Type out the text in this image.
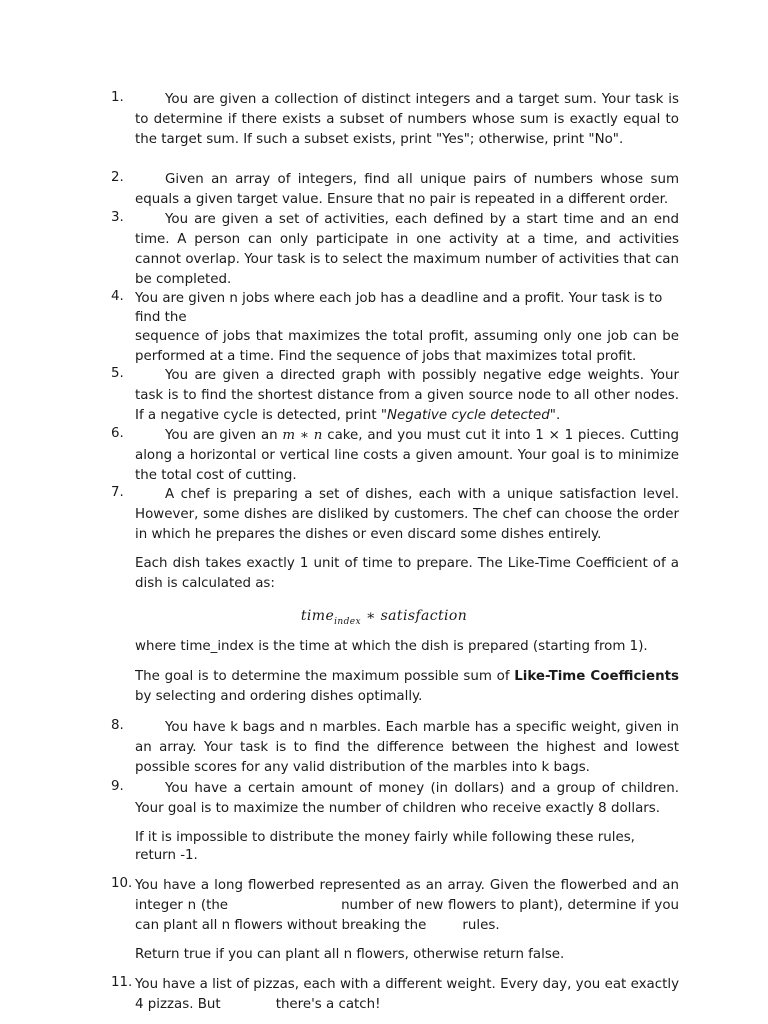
1.	You are given a collection of distinct integers and a target sum. Your task is to determine if there exists a subset of numbers whose sum is exactly equal to the target sum. If such a subset exists, print "Yes"; otherwise, print "No".
2.	Given an array of integers, find all unique pairs of numbers whose sum equals a given target value. Ensure that no pair is repeated in a different order.
3.	You are given a set of activities, each defined by a start time and an end time. A person can only participate in one activity at a time, and activities cannot overlap. Your task is to select the maximum number of activities that can be completed.
4. You are given n jobs where each job has a deadline and a profit. Your task is to find the
sequence of jobs that maximizes the total profit, assuming only one job can be performed at a time. Find the sequence of jobs that maximizes total profit.
5.	You are given a directed graph with possibly negative edge weights. Your task is to find the shortest distance from a given source node to all other nodes. If a negative cycle is detected, print "Negative cycle detected".
6.	You are given an m ∗ n cake, and you must cut it into 1 × 1 pieces. Cutting along a horizontal or vertical line costs a given amount. Your goal is to minimize the total cost of cutting.
7.	A chef is preparing a set of dishes, each with a unique satisfaction level. However, some dishes are disliked by customers. The chef can choose the order in which he prepares the dishes or even discard some dishes entirely.
Each dish takes exactly 1 unit of time to prepare. The Like-Time Coefficient of a dish is calculated as:
time$_{index}$ ∗ satisfaction
where time_index is the time at which the dish is prepared (starting from 1).
The goal is to determine the maximum possible sum of Like-Time Coefficients by selecting and ordering dishes optimally.
8.	You have k bags and n marbles. Each marble has a specific weight, given in an array. Your task is to find the difference between the highest and lowest possible scores for any valid distribution of the marbles into k bags.
9.	You have a certain amount of money (in dollars) and a group of children. Your goal is to maximize the number of children who receive exactly 8 dollars.
If it is impossible to distribute the money fairly while following these rules, return -1.
10. You have a long flowerbed represented as an array. Given the flowerbed and an integer n (the	number of new flowers to plant), determine if you can plant all n flowers without breaking the	rules.
Return true if you can plant all n flowers, otherwise return false.
11. You have a list of pizzas, each with a different weight. Every day, you eat exactly 4 pizzas. But	there's a catch!
